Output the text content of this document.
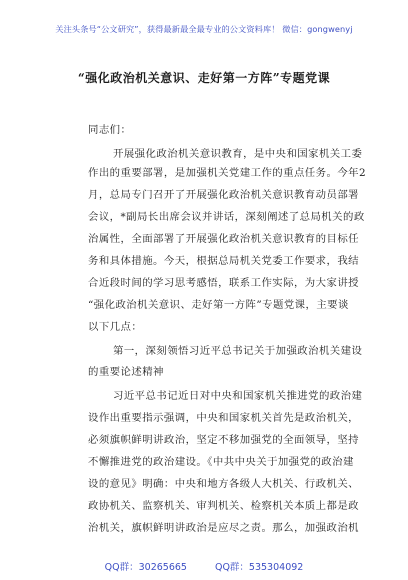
关注头条号“公文研究”，获得最新最全最专业的公文资料库！ 微信：gongwenyj
“强化政治机关意识、走好第一方阵”专题党课
同志们：
开展强化政治机关意识教育，是中央和国家机关工委
作出的重要部署，是加强机关党建工作的重点任务。今年2
月，总局专门召开了开展强化政治机关意识教育动员部署
会议，*副局长出席会议并讲话，深刻阐述了总局机关的政
治属性，全面部署了开展强化政治机关意识教育的目标任
务和具体措施。今天，根据总局机关党委工作要求，我结
合近段时间的学习思考感悟，联系工作实际，为大家讲授
“强化政治机关意识、走好第一方阵”专题党课，主要谈
以下几点：
第一，深刻领悟习近平总书记关于加强政治机关建设
的重要论述精神
习近平总书记近日对中央和国家机关推进党的政治建
设作出重要指示强调，中央和国家机关首先是政治机关，
必须旗帜鲜明讲政治，坚定不移加强党的全面领导，坚持
不懈推进党的政治建设。《中共中央关于加强党的政治建
设的意见》明确：中央和地方各级人大机关、行政机关、
政协机关、监察机关、审判机关、检察机关本质上都是政
治机关，旗帜鲜明讲政治是应尽之责。那么，加强政治机
QQ群：30265665	QQ群：535304092
